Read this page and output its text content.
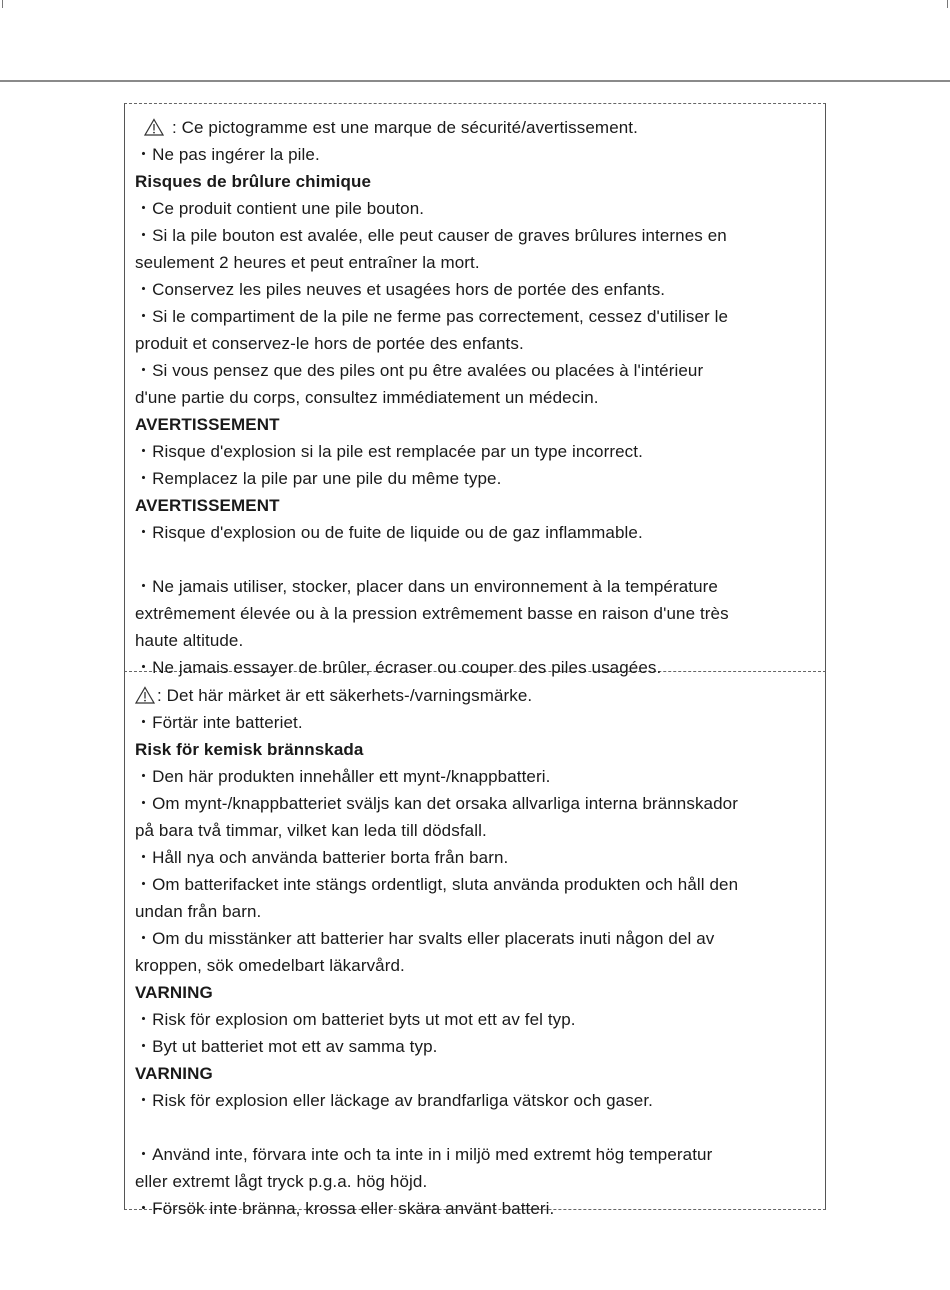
: Ce pictogramme est une marque de sécurité/avertissement.
・Ne pas ingérer la pile.
Risques de brûlure chimique
・Ce produit contient une pile bouton.
・Si la pile bouton est avalée, elle peut causer de graves brûlures internes en
seulement 2 heures et peut entraîner la mort.
・Conservez les piles neuves et usagées hors de portée des enfants.
・Si le compartiment de la pile ne ferme pas correctement, cessez d'utiliser le
produit et conservez-le hors de portée des enfants.
・Si vous pensez que des piles ont pu être avalées ou placées à l'intérieur
d'une partie du corps, consultez immédiatement un médecin.
AVERTISSEMENT
・Risque d'explosion si la pile est remplacée par un type incorrect.
・Remplacez la pile par une pile du même type.
AVERTISSEMENT
・Risque d'explosion ou de fuite de liquide ou de gaz inflammable.
・Ne jamais utiliser, stocker, placer dans un environnement à la température
extrêmement élevée ou à la pression extrêmement basse en raison d'une très
haute altitude.
・Ne jamais essayer de brûler, écraser ou couper des piles usagées.
: Det här märket är ett säkerhets-/varningsmärke.
・Förtär inte batteriet.
Risk för kemisk brännskada
・Den här produkten innehåller ett mynt-/knappbatteri.
・Om mynt-/knappbatteriet sväljs kan det orsaka allvarliga interna brännskador
på bara två timmar, vilket kan leda till dödsfall.
・Håll nya och använda batterier borta från barn.
・Om batterifacket inte stängs ordentligt, sluta använda produkten och håll den
undan från barn.
・Om du misstänker att batterier har svalts eller placerats inuti någon del av
kroppen, sök omedelbart läkarvård.
VARNING
・Risk för explosion om batteriet byts ut mot ett av fel typ.
・Byt ut batteriet mot ett av samma typ.
VARNING
・Risk för explosion eller läckage av brandfarliga vätskor och gaser.
・Använd inte, förvara inte och ta inte in i miljö med extremt hög temperatur
eller extremt lågt tryck p.g.a. hög höjd.
・Försök inte bränna, krossa eller skära använt batteri.
